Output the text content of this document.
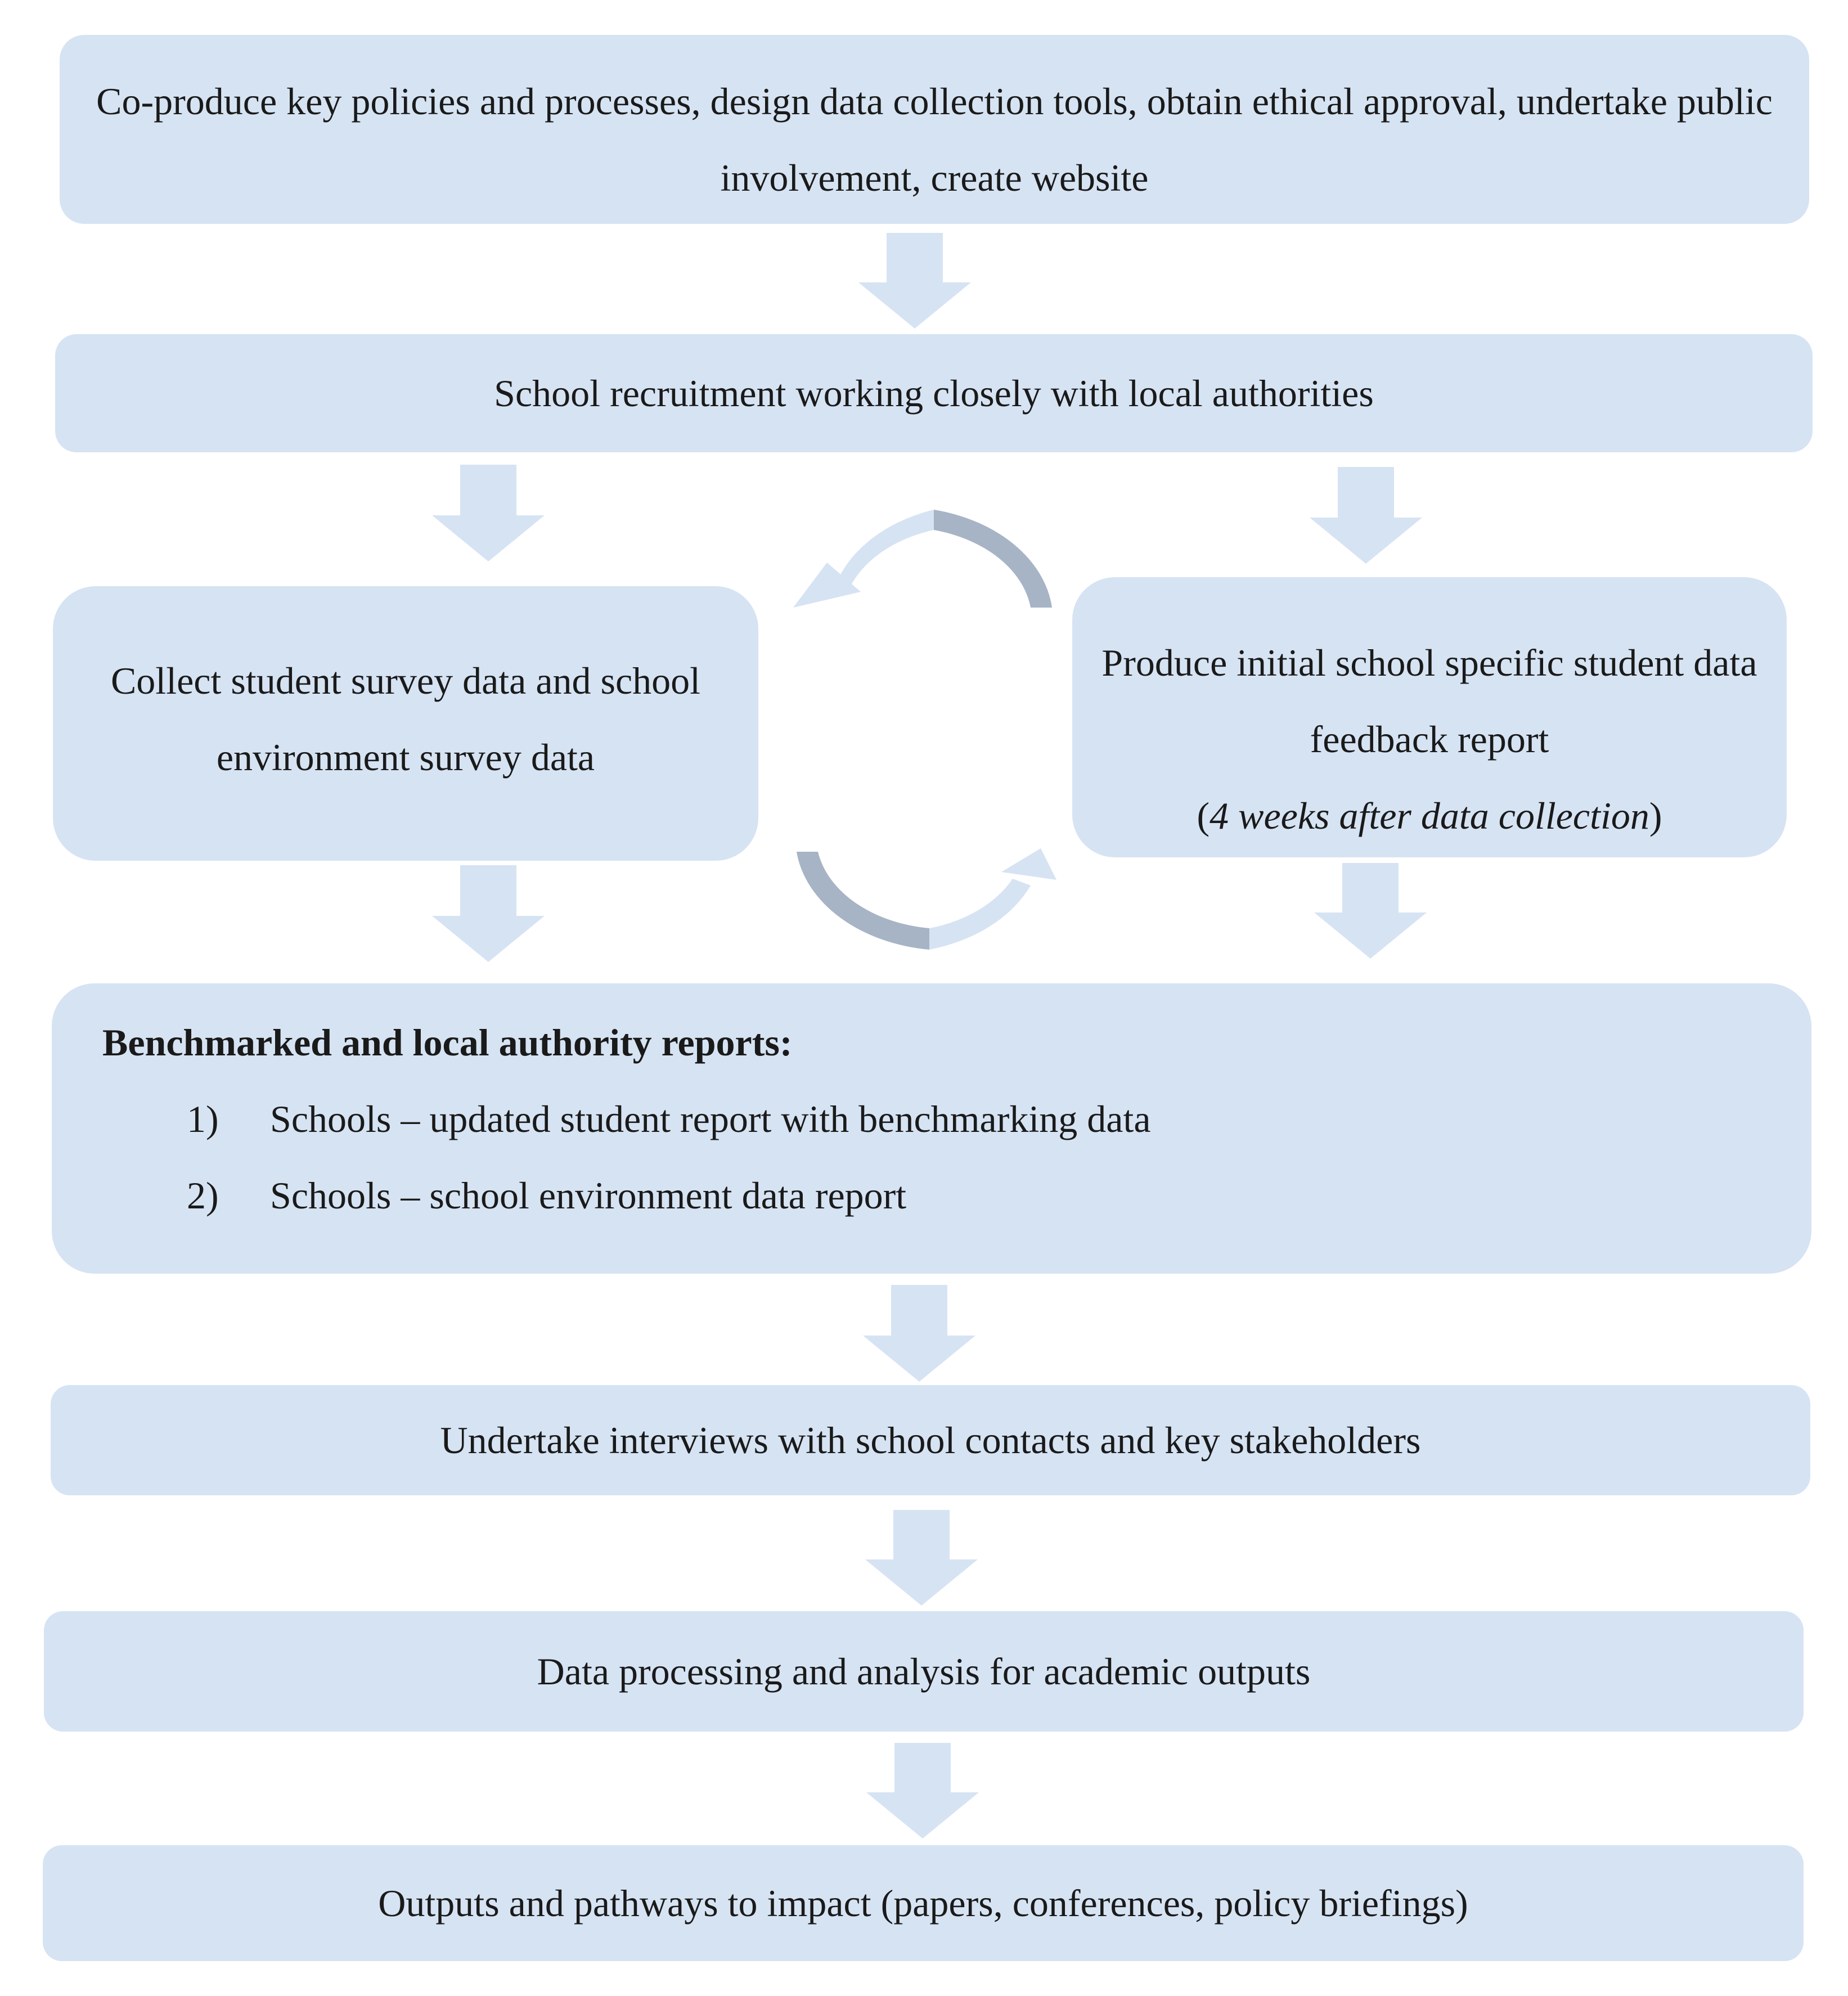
Co-produce key policies and processes, design data collection tools, obtain ethical approval, undertake public involvement, create website
School recruitment working closely with local authorities
Collect student survey data and school environment survey data
Produce initial school specific student data feedback report
(4 weeks after data collection)
Benchmarked and local authority reports:
1) Schools – updated student report with benchmarking data
2) Schools – school environment data report
Undertake interviews with school contacts and key stakeholders
Data processing and analysis for academic outputs
Outputs and pathways to impact (papers, conferences, policy briefings)
